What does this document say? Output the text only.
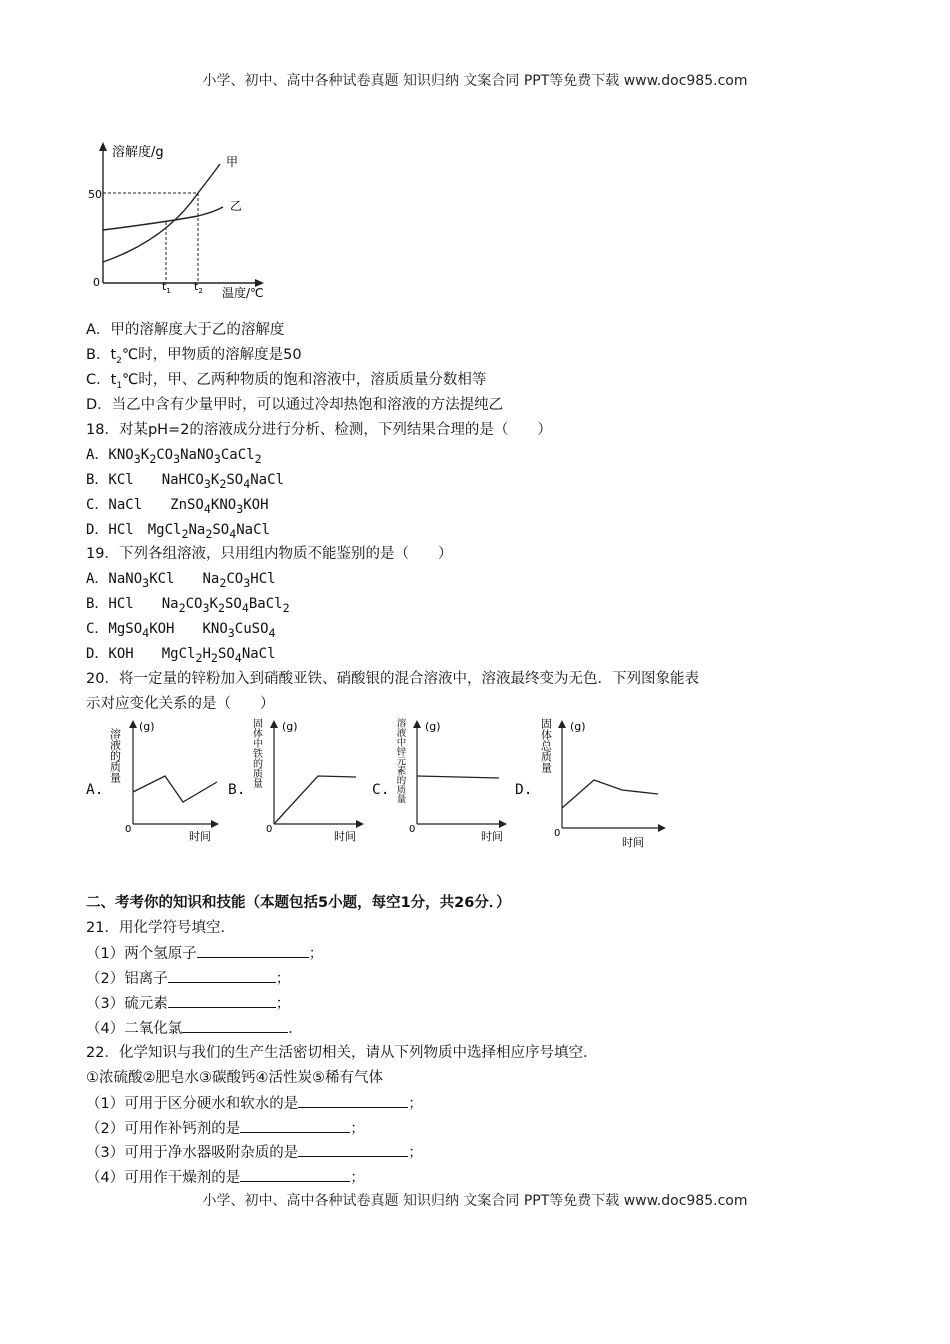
小学、初中、高中各种试卷真题 知识归纳 文案合同 PPT等免费下载 www.doc985.com
溶解度/g
甲
乙
50
0	$t_1$ $t_2$ 温度/℃
A．甲的溶解度大于乙的溶解度
B．$t_2℃$时，甲物质的溶解度是50
C．$t_1℃$时，甲、乙两种物质的饱和溶液中，溶质质量分数相等
D．当乙中含有少量甲时，可以通过冷却热饱和溶液的方法提纯乙
18．对某pH=2的溶液成分进行分析、检测，下列结果合理的是（　　）
A．$KNO_3K_2CO_3NaNO_3CaCl_2$
B．KCl　　$NaHCO_3K_2SO_4NaCl$
C．NaCl　　$ZnSO_4KNO_3KOH$
D．HCl　$MgCl_2Na_2SO_4NaCl$
19．下列各组溶液，只用组内物质不能鉴别的是（　　）
A．NaNO$_3$KCl　　$Na_2CO_3HCl$
B．HCl　　$Na_2CO_3K_2SO_4BaCl_2$
C．MgSO$_4$KOH　　$KNO_3CuSO_4$
D．KOH　　$MgCl_2H_2SO_4NaCl$
20．将一定量的锌粉加入到硝酸亚铁、硝酸银的混合溶液中，溶液最终变为无色．下列图象能表
示对应变化关系的是（　　）
A.
溶液的质量
(g)
0
时间
B.
固体中铁的质量 (g)
0
时间
C. 溶液中锌元素的质量 (g)
0
时间
D.
固体总质量 (g)
0
时间
二、考考你的知识和技能（本题包括5小题，每空1分，共26分．）
21．用化学符号填空．
（1）两个氢原子	；
（2）铝离子	；
（3）硫元素	；
（4）二氧化氯	．
22．化学知识与我们的生产生活密切相关，请从下列物质中选择相应序号填空．
①浓硫酸②肥皂水③碳酸钙④活性炭⑤稀有气体
（1）可用于区分硬水和软水的是	；
（2）可用作补钙剂的是	；
（3）可用于净水器吸附杂质的是	；
（4）可用作干燥剂的是	；
小学、初中、高中各种试卷真题 知识归纳 文案合同 PPT等免费下载 www.doc985.com
